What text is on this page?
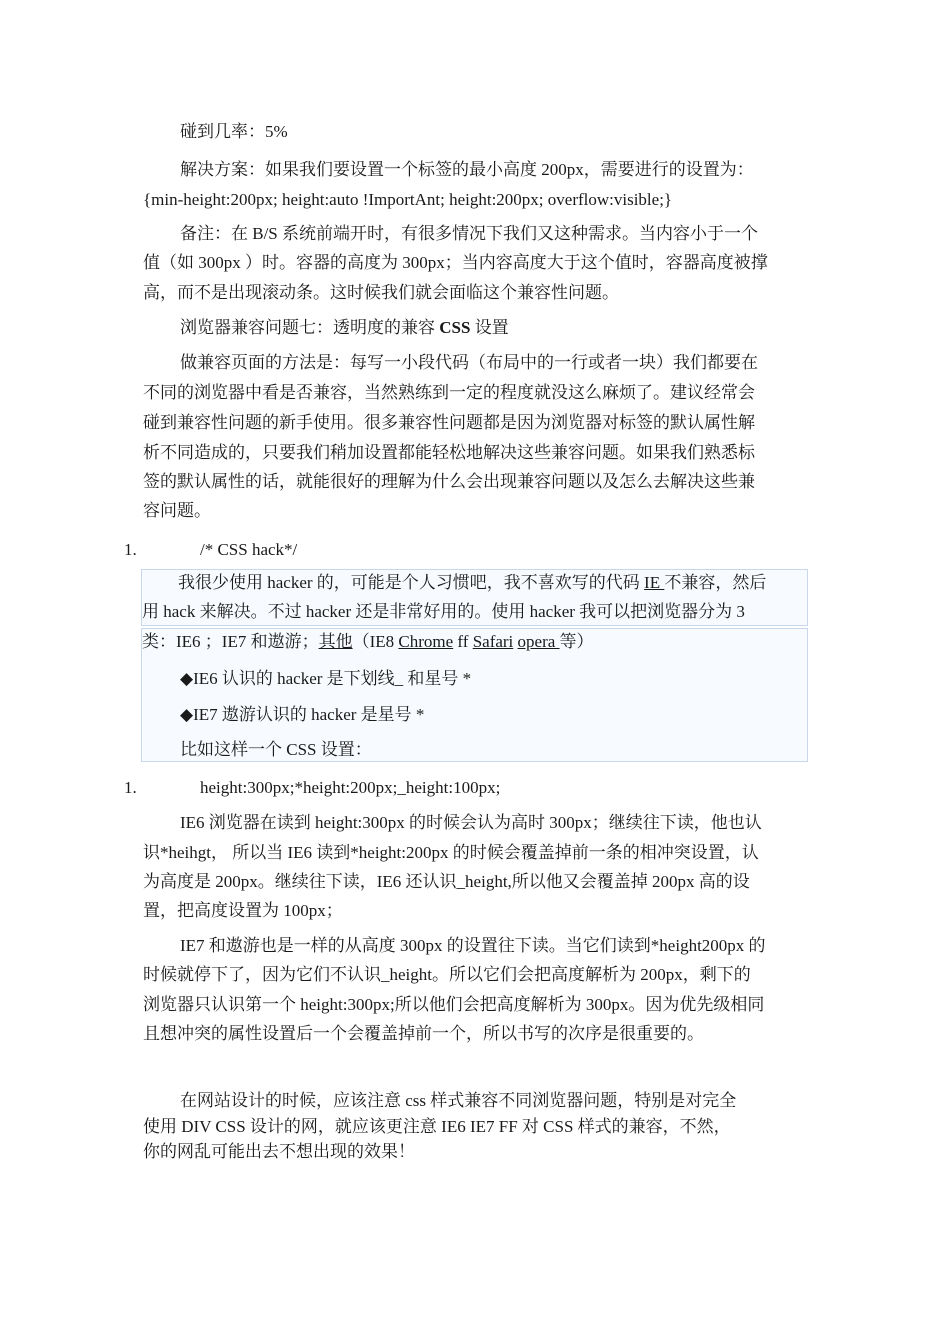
碰到几率：5%

解决方案：如果我们要设置一个标签的最小高度 200px，需要进行的设置为：

{min-height:200px; height:auto !ImportAnt; height:200px; overflow:visible;}

备注：在 B/S 系统前端开时，有很多情况下我们又这种需求。当内容小于一个

值（如 300px ）时。容器的高度为 300px；当内容高度大于这个值时，容器高度被撑

高，而不是出现滚动条。这时候我们就会面临这个兼容性问题。

浏览器兼容问题七：透明度的兼容 CSS 设置

做兼容页面的方法是：每写一小段代码（布局中的一行或者一块）我们都要在

不同的浏览器中看是否兼容，当然熟练到一定的程度就没这么麻烦了。建议经常会

碰到兼容性问题的新手使用。很多兼容性问题都是因为浏览器对标签的默认属性解

析不同造成的，只要我们稍加设置都能轻松地解决这些兼容问题。如果我们熟悉标

签的默认属性的话，就能很好的理解为什么会出现兼容问题以及怎么去解决这些兼

容问题。

1.	/* CSS hack*/

我很少使用 hacker 的，可能是个人习惯吧，我不喜欢写的代码 IE 不兼容，然后

用 hack 来解决。不过 hacker 还是非常好用的。使用 hacker 我可以把浏览器分为 3

类：IE6 ；IE7 和遨游；其他（IE8 Chrome ff Safari opera 等）

◆IE6 认识的 hacker 是下划线_ 和星号 *

◆IE7 遨游认识的 hacker 是星号 *

比如这样一个 CSS 设置：

1.	height:300px;*height:200px;_height:100px;

IE6 浏览器在读到 height:300px 的时候会认为高时 300px；继续往下读，他也认

识*heihgt， 所以当 IE6 读到*height:200px 的时候会覆盖掉前一条的相冲突设置，认

为高度是 200px。继续往下读，IE6 还认识_height,所以他又会覆盖掉 200px 高的设

置，把高度设置为 100px；

IE7 和遨游也是一样的从高度 300px 的设置往下读。当它们读到*height200px 的

时候就停下了，因为它们不认识_height。所以它们会把高度解析为 200px，剩下的

浏览器只认识第一个 height:300px;所以他们会把高度解析为 300px。因为优先级相同

且想冲突的属性设置后一个会覆盖掉前一个，所以书写的次序是很重要的。

在网站设计的时候，应该注意 css 样式兼容不同浏览器问题，特别是对完全

使用 DIV CSS 设计的网，就应该更注意 IE6 IE7 FF 对 CSS 样式的兼容，不然，

你的网乱可能出去不想出现的效果！
